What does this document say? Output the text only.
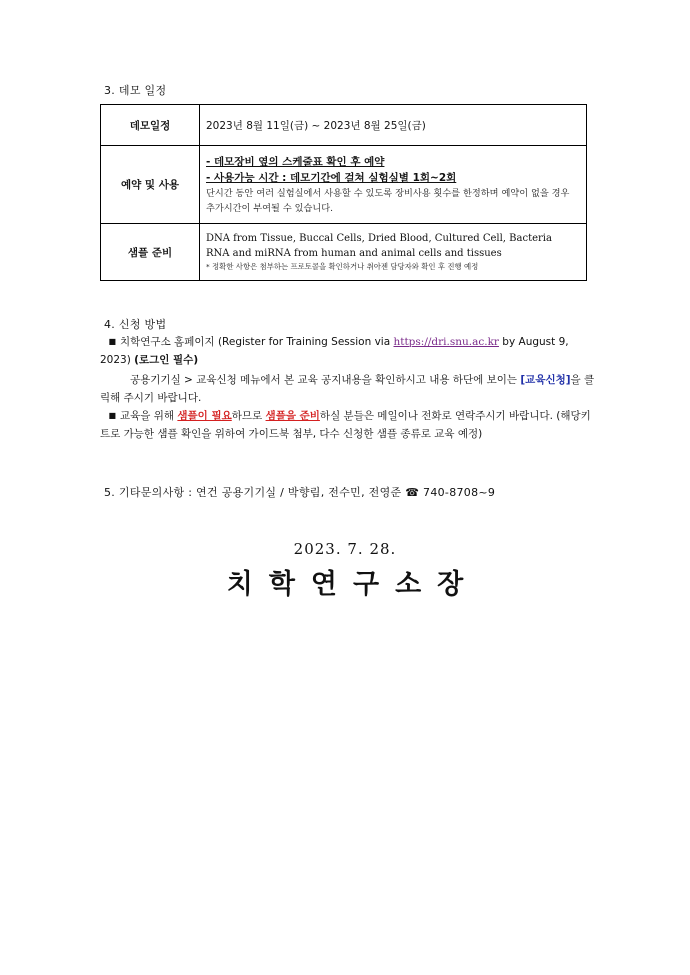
3. 데모 일정
데모일정	2023년 8월 11일(금) ~ 2023년 8월 25일(금)
예약 및 사용	- 데모장비 옆의 스케줄표 확인 후 예약
- 사용가능 시간 : 데모기간에 걸쳐 실험실별 1회~2회
단시간 동안 여러 실험실에서 사용할 수 있도록 장비사용 횟수를 한정하며 예약이 없을 경우 추가시간이 부여될 수 있습니다.

샘플 준비	DNA from Tissue, Buccal Cells, Dried Blood, Cultured Cell, Bacteria
RNA and miRNA from human and animal cells and tissues
* 정확한 사항은 첨부하는 프로토콜을 확인하거나 취아젠 담당자와 확인 후 진행 예정
4. 신청 방법
■ 치학연구소 홈페이지 (Register for Training Session via https://dri.snu.ac.kr by August 9, 2023) (로그인 필수)
공용기기실 > 교육신청 메뉴에서 본 교육 공지내용을 확인하시고 내용 하단에 보이는 [교육신청]을 클릭해 주시기 바랍니다.
■ 교육을 위해 샘플이 필요하므로 샘플을 준비하실 분들은 메일이나 전화로 연락주시기 바랍니다. (해당키트로 가능한 샘플 확인을 위하여 가이드북 첨부, 다수 신청한 샘플 종류로 교육 예정)
5. 기타문의사항 : 연건 공용기기실 / 박향림, 전수민, 전영준 ☎ 740-8708~9
2023. 7. 28.
치학연구소장
